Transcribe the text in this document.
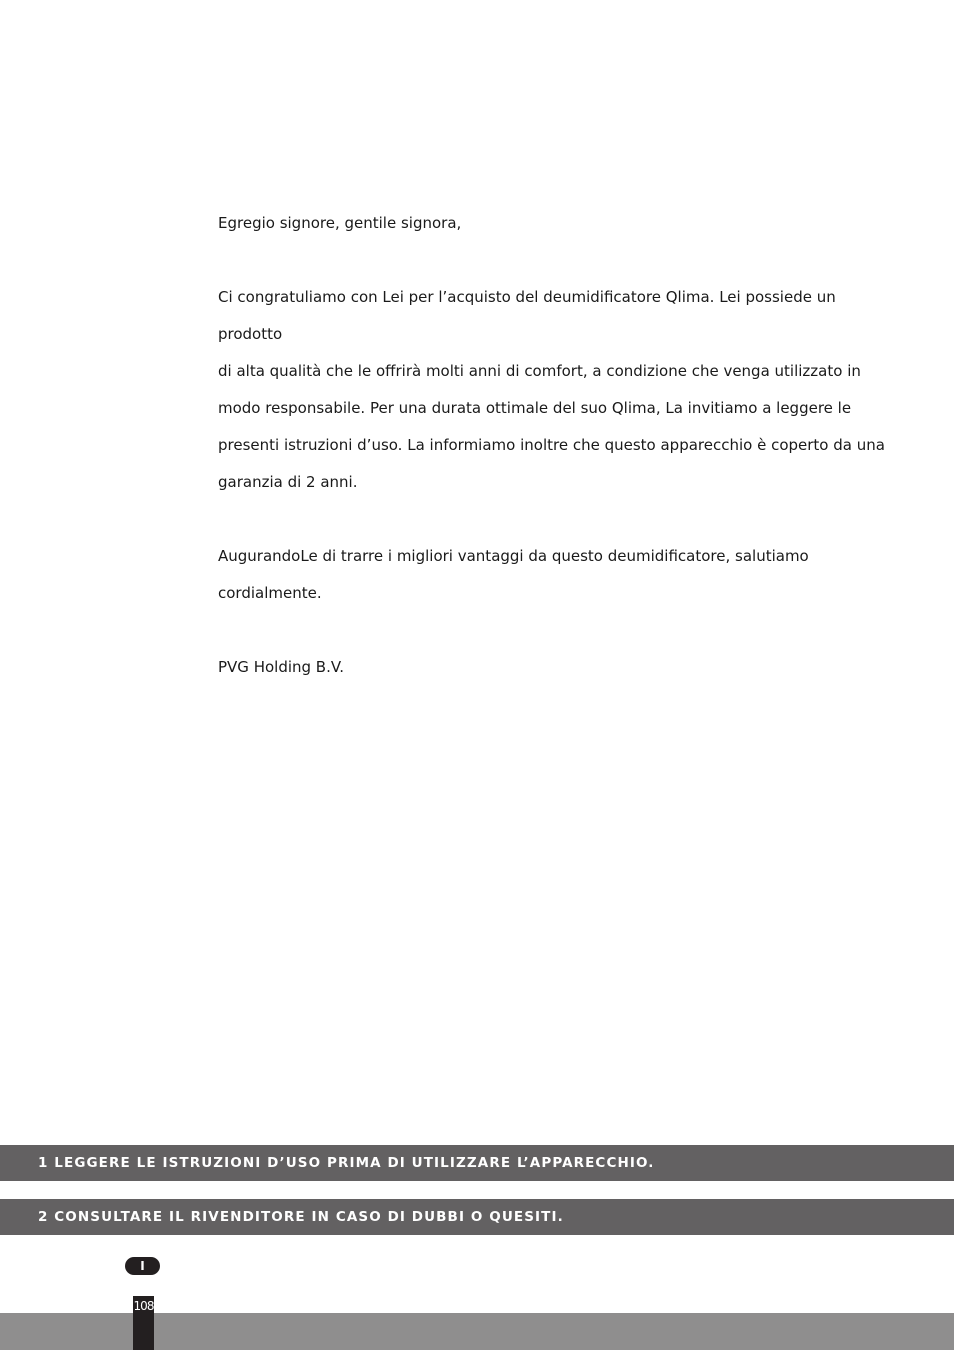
Egregio signore, gentile signora,

Ci congratuliamo con Lei per l’acquisto del deumidificatore Qlima. Lei possiede un prodotto

di alta qualità che le offrirà molti anni di comfort, a condizione che venga utilizzato in

modo responsabile. Per una durata ottimale del suo Qlima, La invitiamo a leggere le

presenti istruzioni d’uso. La informiamo inoltre che questo apparecchio è coperto da una

garanzia di 2 anni.

AugurandoLe di trarre i migliori vantaggi da questo deumidificatore, salutiamo

cordialmente.

PVG Holding B.V.

1 LEGGERE LE ISTRUZIONI D’USO PRIMA DI UTILIZZARE L’APPARECCHIO.
2 CONSULTARE IL RIVENDITORE IN CASO DI DUBBI O QUESITI.
I
108
